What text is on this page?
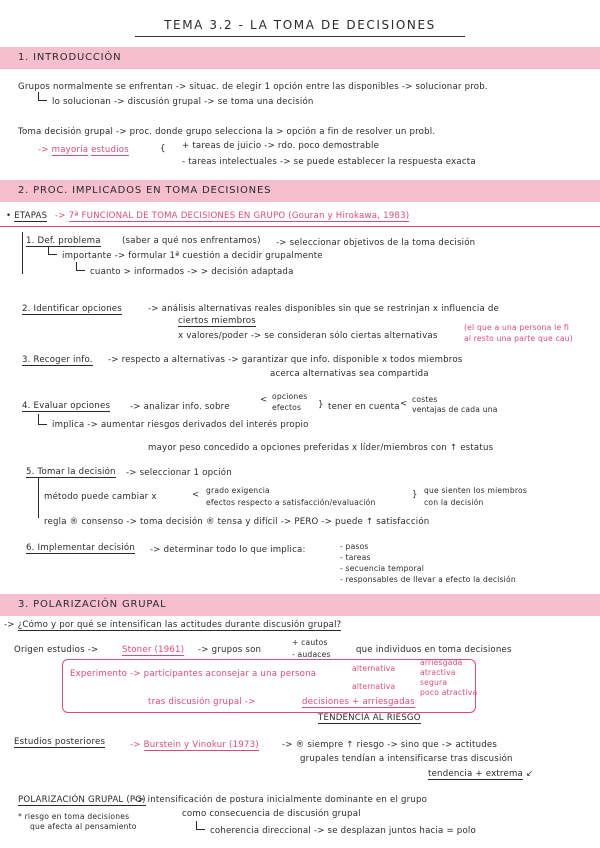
TEMA 3.2 - LA TOMA DE DECISIONES
1. INTRODUCCIÓN
Grupos normalmente se enfrentan -> situac. de elegir 1 opción entre las disponibles -> solucionar prob.
lo solucionan -> discusión grupal -> se toma una decisión
Toma decisión grupal -> proc. donde grupo selecciona la > opción a fin de resolver un probl.
-> mayoría estudios	{ + tareas de juicio -> rdo. poco demostrable
- tareas intelectuales -> se puede establecer la respuesta exacta
2. PROC. IMPLICADOS EN TOMA DECISIONES
• ETAPAS -> 7ª FUNCIONAL DE TOMA DECISIONES EN GRUPO (Gouran y Hirokawa, 1983)
1. Def. problema (saber a qué nos enfrentamos) -> seleccionar objetivos de la toma decisión
importante -> formular 1ª cuestión a decidir grupalmente
cuanto > informados -> > decisión adaptada
2. Identificar opciones	-> análisis alternativas reales disponibles sin que se restrinjan x influencia de
ciertos miembros
x valores/poder -> se consideran sólo ciertas alternativas
(el que a una persona le fl
al resto una parte que cau)
3. Recoger info. -> respecto a alternativas -> garantizar que info. disponible x todos miembros
acerca alternativas sea compartida
4. Evaluar opciones -> analizar info. sobre
< opciones
efectos } tener en cuenta < costes
ventajas de cada una
implica -> aumentar riesgos derivados del interés propio
mayor peso concedido a opciones preferidas x líder/miembros con ↑ estatus
5. Tomar la decisión -> seleccionar 1 opción
método puede cambiar x	< grado exigencia
efectos respecto a satisfacción/evaluación
} que sienten los miembros
con la decisión
regla ® consenso -> toma decisión ® tensa y difícil -> PERO -> puede ↑ satisfacción
6. Implementar decisión -> determinar todo lo que implica:	- pasos
- tareas
- secuencia temporal
- responsables de llevar a efecto la decisión
3. POLARIZACIÓN GRUPAL
-> ¿Cómo y por qué se intensifican las actitudes durante discusión grupal?
Origen estudios ->	Stoner (1961) -> grupos son
+ cautos
- audaces	que individuos en toma decisiones
Experimento -> participantes aconsejar a una persona
alternativa
alternativa
arriesgada
atractiva
segura
poco atractiva
tras discusión grupal ->	decisiones + arriesgadas
TENDENCIA AL RIESGO
Estudios posteriores	-> Burstein y Vinokur (1973)	-> ® siempre ↑ riesgo -> sino que -> actitudes
grupales tendían a intensificarse tras discusión
tendencia + extrema ↙
POLARIZACIÓN GRUPAL (PG)
-> intensificación de postura inicialmente dominante en el grupo
como consecuencia de discusión grupal
* riesgo en toma decisiones
que afecta al pensamiento	coherencia direccional -> se desplazan juntos hacia = polo
